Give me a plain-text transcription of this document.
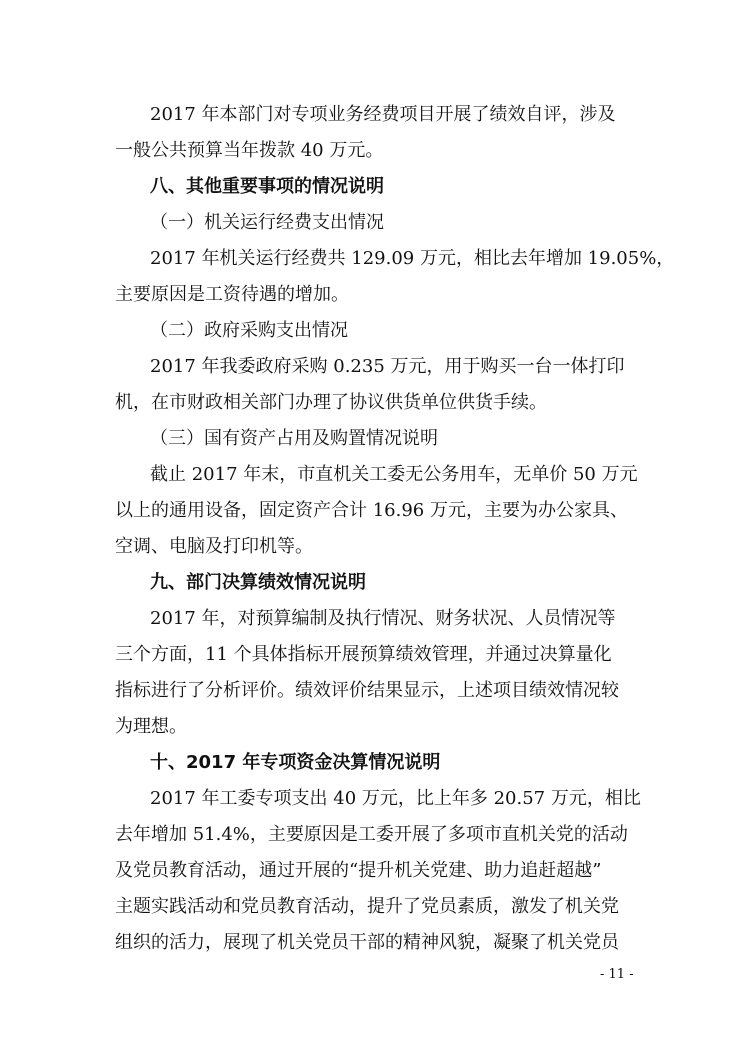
2017 年本部门对专项业务经费项目开展了绩效自评，涉及

一般公共预算当年拨款 40 万元。

八、其他重要事项的情况说明

（一）机关运行经费支出情况

2017 年机关运行经费共 129.09 万元，相比去年增加 19.05%，

主要原因是工资待遇的增加。

（二）政府采购支出情况

2017 年我委政府采购 0.235 万元，用于购买一台一体打印

机，在市财政相关部门办理了协议供货单位供货手续。

（三）国有资产占用及购置情况说明

截止 2017 年末，市直机关工委无公务用车，无单价 50 万元

以上的通用设备，固定资产合计 16.96 万元，主要为办公家具、

空调、电脑及打印机等。

九、部门决算绩效情况说明

2017 年，对预算编制及执行情况、财务状况、人员情况等

三个方面，11 个具体指标开展预算绩效管理，并通过决算量化

指标进行了分析评价。绩效评价结果显示，上述项目绩效情况较

为理想。

十、2017 年专项资金决算情况说明

2017 年工委专项支出 40 万元，比上年多 20.57 万元，相比

去年增加 51.4%，主要原因是工委开展了多项市直机关党的活动

及党员教育活动，通过开展的“提升机关党建、助力追赶超越”

主题实践活动和党员教育活动，提升了党员素质，激发了机关党

组织的活力，展现了机关党员干部的精神风貌，凝聚了机关党员

- 11 -
